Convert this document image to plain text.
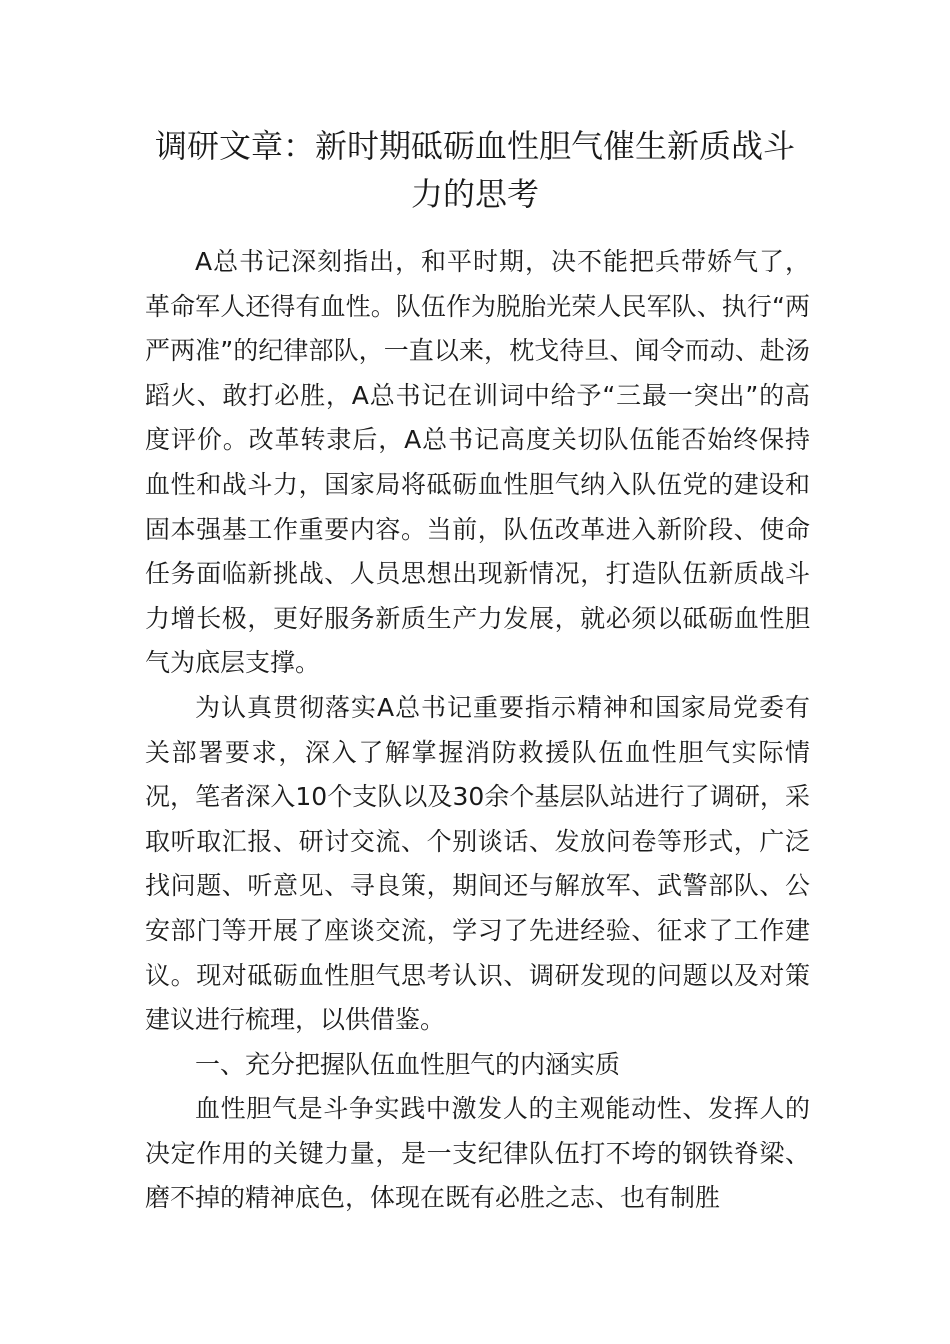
调研文章：新时期砥砺血性胆气催生新质战斗力的思考

A总书记深刻指出，和平时期，决不能把兵带娇气了，革命军人还得有血性。队伍作为脱胎光荣人民军队、执行“两严两准”的纪律部队，一直以来，枕戈待旦、闻令而动、赴汤蹈火、敢打必胜，A总书记在训词中给予“三最一突出”的高度评价。改革转隶后，A总书记高度关切队伍能否始终保持血性和战斗力，国家局将砥砺血性胆气纳入队伍党的建设和固本强基工作重要内容。当前，队伍改革进入新阶段、使命任务面临新挑战、人员思想出现新情况，打造队伍新质战斗力增长极，更好服务新质生产力发展，就必须以砥砺血性胆气为底层支撑。

为认真贯彻落实A总书记重要指示精神和国家局党委有关部署要求，深入了解掌握消防救援队伍血性胆气实际情况，笔者深入10个支队以及30余个基层队站进行了调研，采取听取汇报、研讨交流、个别谈话、发放问卷等形式，广泛找问题、听意见、寻良策，期间还与解放军、武警部队、公安部门等开展了座谈交流，学习了先进经验、征求了工作建议。现对砥砺血性胆气思考认识、调研发现的问题以及对策建议进行梳理，以供借鉴。

一、充分把握队伍血性胆气的内涵实质

血性胆气是斗争实践中激发人的主观能动性、发挥人的决定作用的关键力量，是一支纪律队伍打不垮的钢铁脊梁、磨不掉的精神底色，体现在既有必胜之志、也有制胜
